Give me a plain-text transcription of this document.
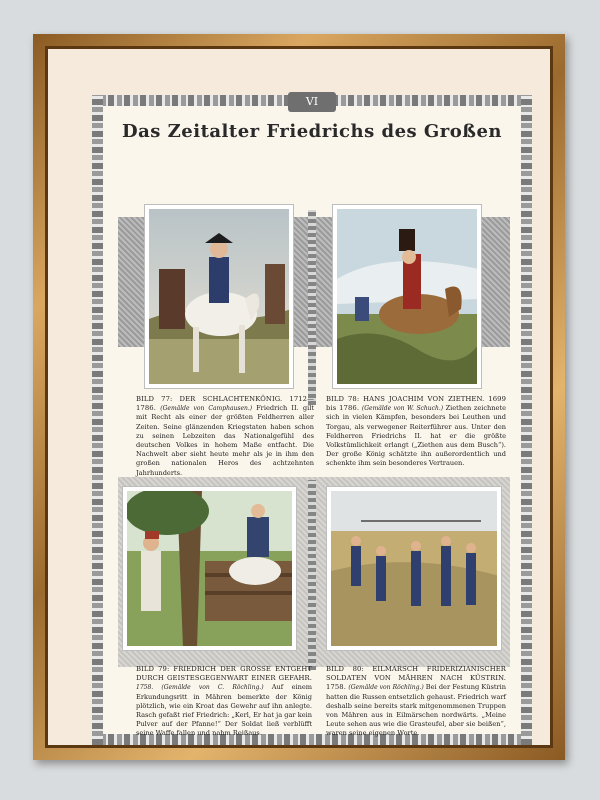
VI
Das Zeitalter Friedrichs des Großen
BILD 77: DER SCHLACHTENKÖNIG. 1712—1786. (Gemälde von Camphausen.) Friedrich II. gilt mit Recht als einer der größten Feldherren aller Zeiten. Seine glänzenden Kriegstaten haben schon zu seinen Lebzeiten das Nationalgefühl des deutschen Volkes in hohem Maße entfacht. Die Nachwelt aber sieht heute mehr als je in ihm den großen nationalen Heros des achtzehnten Jahrhunderts.
BILD 78: HANS JOACHIM VON ZIETHEN. 1699 bis 1786. (Gemälde von W. Schuch.) Ziethen zeichnete sich in vielen Kämpfen, besonders bei Leuthen und Torgau, als verwegener Reiterführer aus. Unter den Feldherren Friedrichs II. hat er die größte Volkstümlichkeit erlangt („Ziethen aus dem Busch“). Der große König schätzte ihn außerordentlich und schenkte ihm sein besonderes Vertrauen.
BILD 79: FRIEDRICH DER GROSSE ENTGEHT DURCH GEISTESGEGENWART EINER GEFAHR. 1758. (Gemälde von C. Röchling.) Auf einem Erkundungsritt in Mähren bemerkte der König plötzlich, wie ein Kroat das Gewehr auf ihn anlegte. Rasch gefaßt rief Friedrich: „Kerl, Er hat ja gar kein Pulver auf der Pfanne!“ Der Soldat ließ verblüfft seine Waffe fallen und nahm Reißaus.
BILD 80: EILMARSCH FRIDERIZIANISCHER SOLDATEN VON MÄHREN NACH KÜSTRIN. 1758. (Gemälde von Röchling.) Bei der Festung Küstrin hatten die Russen entsetzlich gehaust. Friedrich warf deshalb seine bereits stark mitgenommenen Truppen von Mähren aus in Eilmärschen nordwärts. „Meine Leute sehen aus wie die Grasteufel, aber sie beißen“, waren seine eigenen Worte.
